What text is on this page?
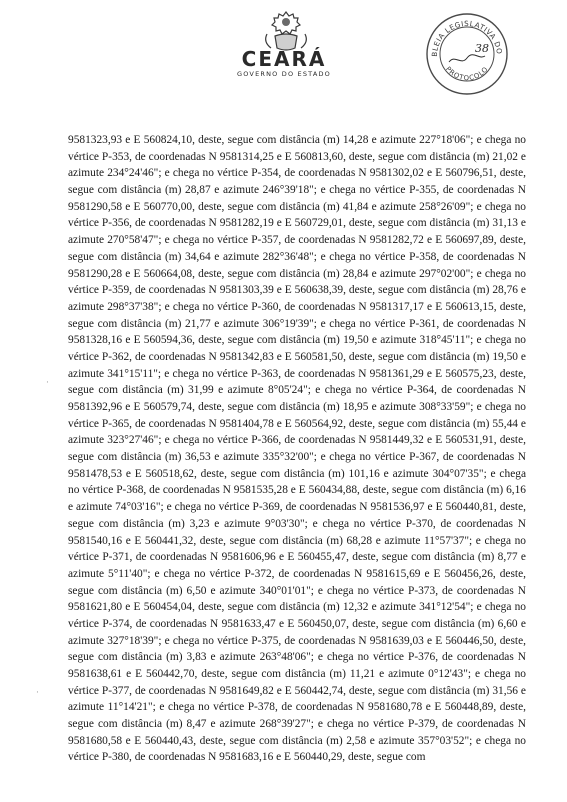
CEARÁ
GOVERNO DO ESTADO
BLEIA LEGISLATIVA DO
PROTOCOLO
38

9581323,93 e E 560824,10, deste, segue com distância (m) 14,28 e azimute 227°18'06"; e chega no vértice P-353, de coordenadas N 9581314,25 e E 560813,60, deste, segue com distância (m) 21,02 e azimute 234°24'46"; e chega no vértice P-354, de coordenadas N 9581302,02 e E 560796,51, deste, segue com distância (m) 28,87 e azimute 246°39'18"; e chega no vértice P-355, de coordenadas N 9581290,58 e E 560770,00, deste, segue com distância (m) 41,84 e azimute 258°26'09"; e chega no vértice P-356, de coordenadas N 9581282,19 e E 560729,01, deste, segue com distância (m) 31,13 e azimute 270°58'47"; e chega no vértice P-357, de coordenadas N 9581282,72 e E 560697,89, deste, segue com distância (m) 34,64 e azimute 282°36'48"; e chega no vértice P-358, de coordenadas N 9581290,28 e E 560664,08, deste, segue com distância (m) 28,84 e azimute 297°02'00"; e chega no vértice P-359, de coordenadas N 9581303,39 e E 560638,39, deste, segue com distância (m) 28,76 e azimute 298°37'38"; e chega no vértice P-360, de coordenadas N 9581317,17 e E 560613,15, deste, segue com distância (m) 21,77 e azimute 306°19'39"; e chega no vértice P-361, de coordenadas N 9581328,16 e E 560594,36, deste, segue com distância (m) 19,50 e azimute 318°45'11"; e chega no vértice P-362, de coordenadas N 9581342,83 e E 560581,50, deste, segue com distância (m) 19,50 e azimute 341°15'11"; e chega no vértice P-363, de coordenadas N 9581361,29 e E 560575,23, deste, segue com distância (m) 31,99 e azimute 8°05'24"; e chega no vértice P-364, de coordenadas N 9581392,96 e E 560579,74, deste, segue com distância (m) 18,95 e azimute 308°33'59"; e chega no vértice P-365, de coordenadas N 9581404,78 e E 560564,92, deste, segue com distância (m) 55,44 e azimute 323°27'46"; e chega no vértice P-366, de coordenadas N 9581449,32 e E 560531,91, deste, segue com distância (m) 36,53 e azimute 335°32'00"; e chega no vértice P-367, de coordenadas N 9581478,53 e E 560518,62, deste, segue com distância (m) 101,16 e azimute 304°07'35"; e chega no vértice P-368, de coordenadas N 9581535,28 e E 560434,88, deste, segue com distância (m) 6,16 e azimute 74°03'16"; e chega no vértice P-369, de coordenadas N 9581536,97 e E 560440,81, deste, segue com distância (m) 3,23 e azimute 9°03'30"; e chega no vértice P-370, de coordenadas N 9581540,16 e E 560441,32, deste, segue com distância (m) 68,28 e azimute 11°57'37"; e chega no vértice P-371, de coordenadas N 9581606,96 e E 560455,47, deste, segue com distância (m) 8,77 e azimute 5°11'40"; e chega no vértice P-372, de coordenadas N 9581615,69 e E 560456,26, deste, segue com distância (m) 6,50 e azimute 340°01'01"; e chega no vértice P-373, de coordenadas N 9581621,80 e E 560454,04, deste, segue com distância (m) 12,32 e azimute 341°12'54"; e chega no vértice P-374, de coordenadas N 9581633,47 e E 560450,07, deste, segue com distância (m) 6,60 e azimute 327°18'39"; e chega no vértice P-375, de coordenadas N 9581639,03 e E 560446,50, deste, segue com distância (m) 3,83 e azimute 263°48'06"; e chega no vértice P-376, de coordenadas N 9581638,61 e E 560442,70, deste, segue com distância (m) 11,21 e azimute 0°12'43"; e chega no vértice P-377, de coordenadas N 9581649,82 e E 560442,74, deste, segue com distância (m) 31,56 e azimute 11°14'21"; e chega no vértice P-378, de coordenadas N 9581680,78 e E 560448,89, deste, segue com distância (m) 8,47 e azimute 268°39'27"; e chega no vértice P-379, de coordenadas N 9581680,58 e E 560440,43, deste, segue com distância (m) 2,58 e azimute 357°03'52"; e chega no vértice P-380, de coordenadas N 9581683,16 e E 560440,29, deste, segue com

·
·
